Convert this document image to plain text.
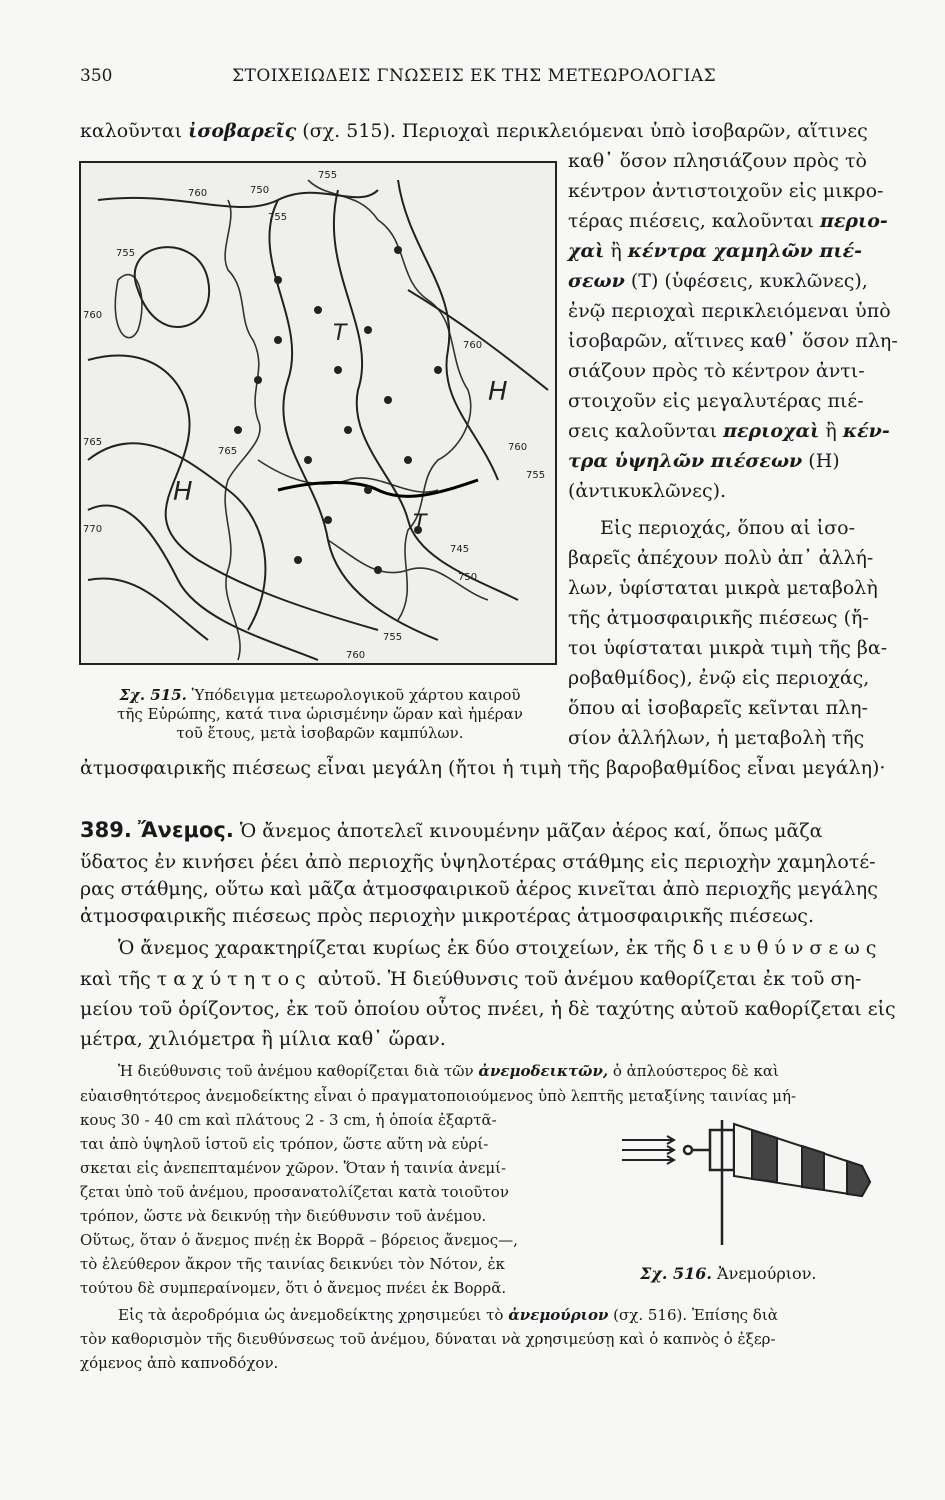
350	ΣΤΟΙΧΕΙΩΔΕΙΣ ΓΝΩΣΕΙΣ ΕΚ ΤΗΣ ΜΕΤΕΩΡΟΛΟΓΙΑΣ
καλοῦνται ἰσοβαρεῖς (σχ. 515). Περιοχαὶ περικλειόμεναι ὑπὸ ἰσοβαρῶν, αἵτινες
καθ᾿ ὅσον πλησιάζουν πρὸς τὸ
κέντρον ἀντιστοιχοῦν εἰς μικρο-
τέρας πιέσεις, καλοῦνται περιο-
χαὶ ἢ κέντρα χαμηλῶν πιέ-
σεων (Τ) (ὑφέσεις, κυκλῶνες),
ἐνῷ περιοχαὶ περικλειόμεναι ὑπὸ
ἰσοβαρῶν, αἵτινες καθ᾿ ὅσον πλη-
σιάζουν πρὸς τὸ κέντρον ἀντι-
στοιχοῦν εἰς μεγαλυτέρας πιέ-
σεις καλοῦνται περιοχαὶ ἢ κέν-
τρα ὑψηλῶν πιέσεων (Η)
(ἀντικυκλῶνες).
Εἰς περιοχάς, ὅπου αἱ ἰσο-
βαρεῖς ἀπέχουν πολὺ ἀπ᾿ ἀλλή-
λων, ὑφίσταται μικρὰ μεταβολὴ
τῆς ἀτμοσφαιρικῆς πιέσεως (ἤ-
τοι ὑφίσταται μικρὰ τιμὴ τῆς βα-
ροβαθμίδος), ἐνῷ εἰς περιοχάς,
ὅπου αἱ ἰσοβαρεῖς κεῖνται πλη-
σίον ἀλλήλων, ἡ μεταβολὴ τῆς
ἀτμοσφαιρικῆς πιέσεως εἶναι μεγάλη (ἤτοι ἡ τιμὴ τῆς βαροβαθμίδος εἶναι μεγάλη)·
Η
Η
Τ
Τ
760	750
755
755
760
765
770
760
760
755
755
750
760
745
765
755
Σχ. 515. Ὑπόδειγμα μετεωρολογικοῦ χάρτου καιροῦ
τῆς Εὐρώπης, κατά τινα ὡρισμένην ὥραν καὶ ἡμέραν
τοῦ ἔτους, μετὰ ἰσοβαρῶν καμπύλων.
389. Ἄνεμος. Ὁ ἄνεμος ἀποτελεῖ κινουμένην μᾶζαν ἀέρος καί, ὅπως μᾶζα
ὕδατος ἐν κινήσει ῥέει ἀπὸ περιοχῆς ὑψηλοτέρας στάθμης εἰς περιοχὴν χαμηλοτέ-
ρας στάθμης, οὕτω καὶ μᾶζα ἀτμοσφαιρικοῦ ἀέρος κινεῖται ἀπὸ περιοχῆς μεγάλης
ἀτμοσφαιρικῆς πιέσεως πρὸς περιοχὴν μικροτέρας ἀτμοσφαιρικῆς πιέσεως.
Ὁ ἄνεμος χαρακτηρίζεται κυρίως ἐκ δύο στοιχείων, ἐκ τῆς διευθύνσεως
καὶ τῆς ταχύτητος αὐτοῦ. Ἡ διεύθυνσις τοῦ ἀνέμου καθορίζεται ἐκ τοῦ ση-
μείου τοῦ ὁρίζοντος, ἐκ τοῦ ὁποίου οὗτος πνέει, ἡ δὲ ταχύτης αὐτοῦ καθορίζεται εἰς
μέτρα, χιλιόμετρα ἢ μίλια καθ᾿ ὥραν.
Ἡ διεύθυνσις τοῦ ἀνέμου καθορίζεται διὰ τῶν ἀνεμοδεικτῶν, ὁ ἁπλούστερος δὲ καὶ
εὐαισθητότερος ἀνεμοδείκτης εἶναι ὁ πραγματοποιούμενος ὑπὸ λεπτῆς μεταξίνης ταινίας μή-
κους 30 - 40 cm καὶ πλάτους 2 - 3 cm, ἡ ὁποία ἐξαρτᾶ-
ται ἀπὸ ὑψηλοῦ ἱστοῦ εἰς τρόπον, ὥστε αὕτη νὰ εὑρί-
σκεται εἰς ἀνεπεπταμένον χῶρον. Ὅταν ἡ ταινία ἀνεμί-
ζεται ὑπὸ τοῦ ἀνέμου, προσανατολίζεται κατὰ τοιοῦτον
τρόπον, ὥστε νὰ δεικνύῃ τὴν διεύθυνσιν τοῦ ἀνέμου.
Οὕτως, ὅταν ὁ ἄνεμος πνέῃ ἐκ Βορρᾶ – βόρειος ἄνεμος—,
τὸ ἐλεύθερον ἄκρον τῆς ταινίας δεικνύει τὸν Νότον, ἐκ
τούτου δὲ συμπεραίνομεν, ὅτι ὁ ἄνεμος πνέει ἐκ Βορρᾶ.
Εἰς τὰ ἀεροδρόμια ὡς ἀνεμοδείκτης χρησιμεύει τὸ ἀνεμούριον (σχ. 516). Ἐπίσης διὰ
τὸν καθορισμὸν τῆς διευθύνσεως τοῦ ἀνέμου, δύναται νὰ χρησιμεύσῃ καὶ ὁ καπνὸς ὁ ἐξερ-
χόμενος ἀπὸ καπνοδόχον.
Σχ. 516. Ἀνεμούριον.
